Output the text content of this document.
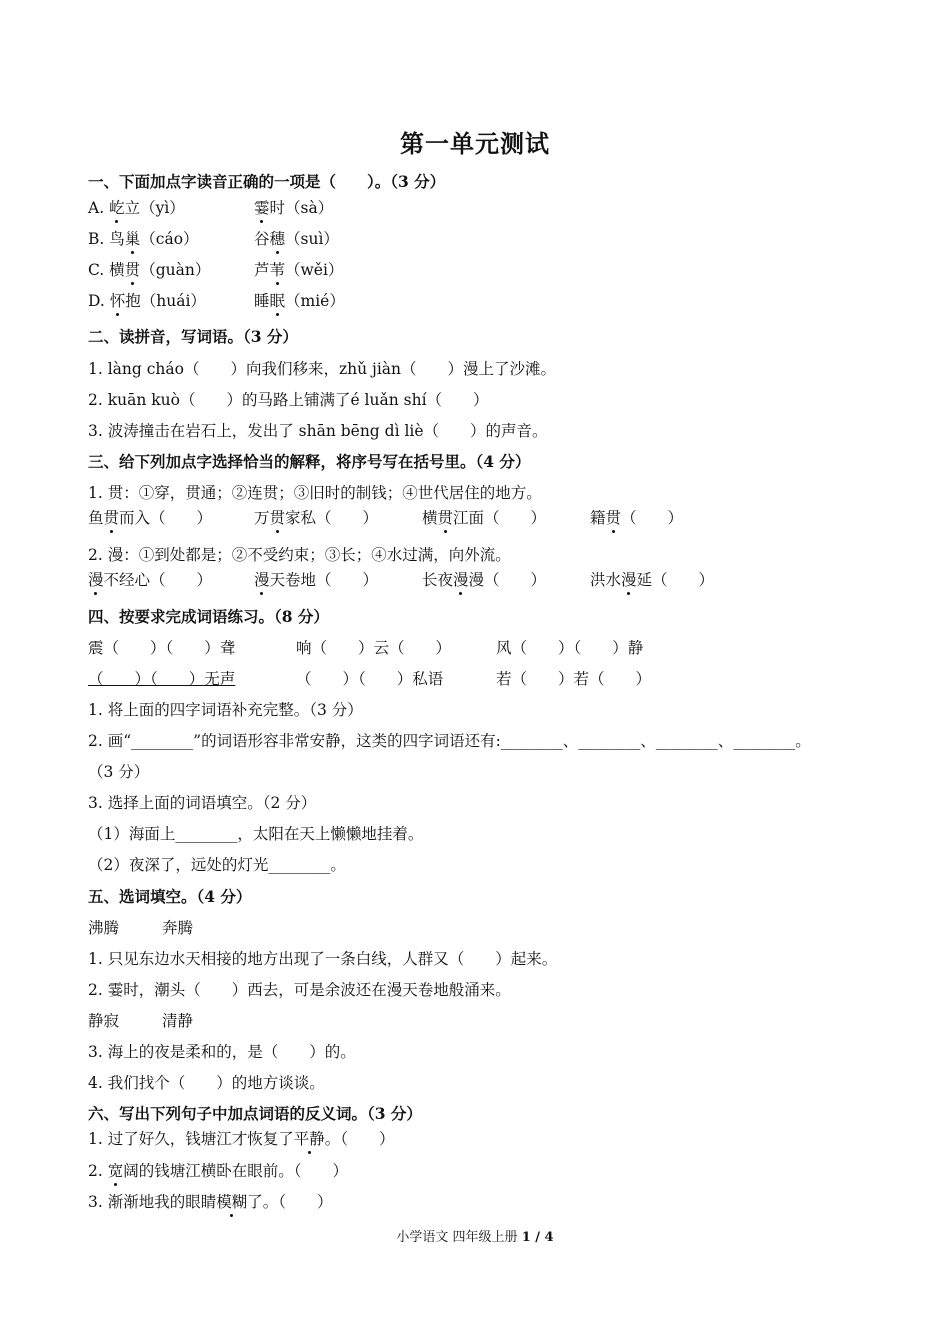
第一单元测试
一、下面加点字读音正确的一项是（　　）。（3 分）
A. 屹立（yì）	霎时（sà）
B. 鸟巢（cáo）	谷穗（suì）
C. 横贯（guàn）	芦苇（wěi）
D. 怀抱（huái）	睡眠（mié）
二、读拼音，写词语。（3 分）
1. làng cháo（　　）向我们移来，zhǔ jiàn（　　）漫上了沙滩。
2. kuān kuò（　　）的马路上铺满了é luǎn shí（　　）
3. 波涛撞击在岩石上，发出了 shān bēng dì liè（　　）的声音。
三、给下列加点字选择恰当的解释，将序号写在括号里。（4 分）
1. 贯：①穿，贯通；②连贯；③旧时的制钱；④世代居住的地方。
鱼贯而入（　　）	万贯家私（　　）	横贯江面（　　）	籍贯（　　）
2. 漫：①到处都是；②不受约束；③长；④水过满，向外流。
漫不经心（　　）	漫天卷地（　　）	长夜漫漫（　　）	洪水漫延（　　）
四、按要求完成词语练习。（8 分）
震（　　）（　　）聋	响（　　）云（　　）	风（　　）（　　）静
（　　）（　　）无声	（　　）（　　）私语	若（　　）若（　　）
1. 将上面的四字词语补充完整。（3 分）
2. 画“________”的词语形容非常安静，这类的四字词语还有:________、________、________、________。
（3 分）
3. 选择上面的词语填空。（2 分）
（1）海面上________，太阳在天上懒懒地挂着。
（2）夜深了，远处的灯光________。
五、选词填空。（4 分）
沸腾	奔腾
1. 只见东边水天相接的地方出现了一条白线，人群又（　　）起来。
2. 霎时，潮头（　　）西去，可是余波还在漫天卷地般涌来。
静寂	清静
3. 海上的夜是柔和的，是（　　）的。
4. 我们找个（　　）的地方谈谈。
六、写出下列句子中加点词语的反义词。（3 分）
1. 过了好久，钱塘江才恢复了平静。（　　）
2. 宽阔的钱塘江横卧在眼前。（　　）
3. 渐渐地我的眼睛模糊了。（　　）
小学语文 四年级上册 1 / 4
